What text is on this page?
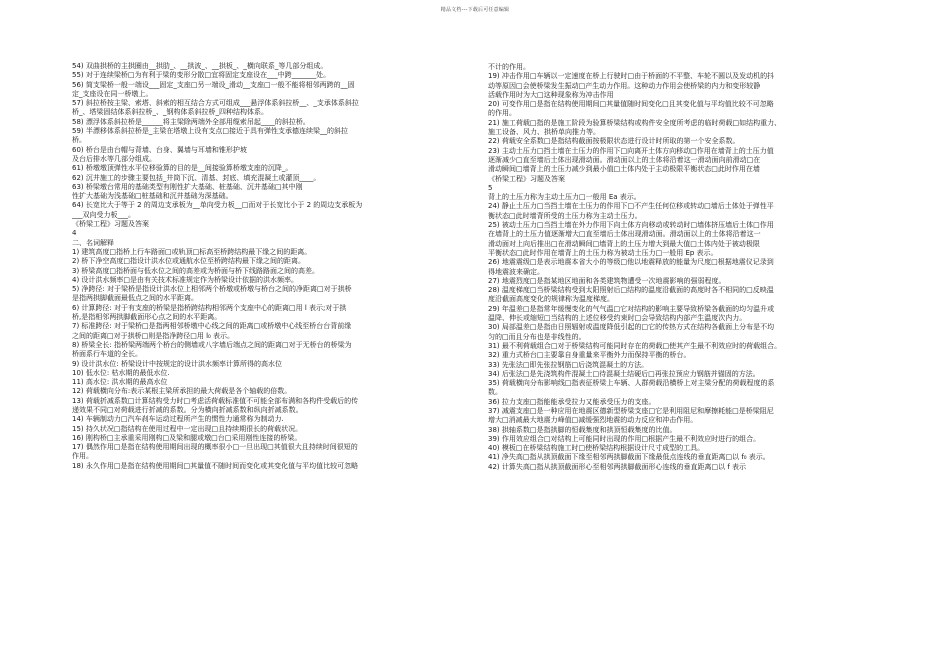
精品文档---下载后可任意编辑
54) 双曲拱桥的主拱圈由__拱肋_、__拱波_、__拱板_、_横向联系_等几部分组成。
55) 对于连续梁桥□为有利于梁的变形分散□宜将固定支座设在___中跨_______处。
56) 简支梁桥一般一端设___固定_支座□另一端设_滑动__支座□一般不能将相邻两跨的__固
定_支座设在同一桥墩上。
57) 斜拉桥按主梁、索塔、斜索的相互结合方式可组成___悬浮体系斜拉桥__、_支承体系斜拉
桥_、塔梁固结体系斜拉桥_、_钢构体系斜拉桥_四种结构体系。
58) 漂浮体系斜拉桥是______将主梁除两端外全部用缆索吊起____的斜拉桥。
59) 半漂移体系斜拉桥是_主梁在塔墩上设有支点□接近于具有弹性支承德连续梁__的斜拉
桥。
60) 桥台是由台帽与背墙、台身、翼墙与耳墙和锥形护坡
及台后排水等几部分组成。
61) 桥墩墩顶弹性水平位移验算的目的是__间接验算桥墩支座的沉降_。
62) 沉井施工的步骤主要包括_井筒下沉、清基、封底、填充混凝土或灌顶____。
63) 桥梁墩台常用的基础类型有刚性扩大基础、桩基础、沉井基础□其中刚
性扩大基础为浅基础□桩基础和沉井基础为深基础。
64) 长宽比大于等于 2 的周边支承板为__单向受力板__□而对于长宽比小于 2 的周边支承板为
___双向受力板___。
《桥梁工程》习题及答案
4
二、名词解释
1) 建筑高度□指桥上行车路面□或轨顶□标高至桥跨结构最下缘之间的距离。
2) 桥下净空高度□指设计洪水位或通航水位至桥跨结构最下缘之间的距离。
3) 桥梁高度□指桥面与低水位之间的高差或为桥面与桥下线路路面之间的高差。
4) 设计洪水频率□是由有关技术标准规定作为桥梁设计依据的洪水频率。
5) 净跨径: 对于梁桥是指设计洪水位上相邻两个桥墩或桥墩与桥台之间的净距离□对于拱桥
是指两拱脚截面最低点之间的水平距离。
6) 计算跨径: 对于有支座的桥梁是指桥跨结构相邻两个支座中心的距离□用 l 表示;对于拱
桥,是指相邻两拱脚截面形心点之间的水平距离。
7) 标准跨径: 对于梁桥□是指两相邻桥墩中心线之间的距离□或桥墩中心线至桥台台背前缘
之间的距离□对于拱桥□则是指净跨径□用 l₀ 表示。
8) 桥梁全长: 指桥梁两端两个桥台的侧墙或八字墙后端点之间的距离□对于无桥台的桥梁为
桥面系行车道的全长。
9) 设计洪水位: 桥梁设计中按规定的设计洪水频率计算所得的高水位
10) 低水位: 枯水期的最低水位.
11) 高水位: 洪水期的最高水位
12) 荷载横向分布:表示某根主梁所承担的最大荷载是各个轴载的倍数。
13) 荷载折减系数□计算结构受力时□考虑活荷载标准值不可能全部布满和各构件受载后的传
递效果不同□对荷载进行折减的系数。分为横向折减系数和纵向折减系数。
14) 车辆制动力□汽车刹车运动过程所产生的惯性力通常称为制动力.
15) 持久状况□指结构在使用过程中一定出现□且持续期很长的荷载状况。
16) 刚构桥□主承重采用刚构□及梁和腿或墩□台□采用刚性连接的桥梁。
17) 偶然作用□是指在结构使用期间出现的概率很小□一旦出现□其值很大且持续时间很短的
作用。
18) 永久作用□是指在结构使用期间□其量值不随时间而变化或其变化值与平均值比较可忽略
不计的作用。
19) 冲击作用□车辆以一定速度在桥上行驶时□由于桥面的不平整、车轮不圆以及发动机的抖
动等原因□会使桥梁发生振动□产生动力作用。这种动力作用会使桥梁的内力和变形较静
活载作用时为大□这种现象称为冲击作用
20) 可变作用□是指在结构使用期间□其量值随时间变化□且其变化值与平均值比较不可忽略
的作用。
21) 施工荷载□指的是施工阶段为验算桥梁结构或构件安全度所考虑的临时荷载□如结构重力、
施工设备、风力、拱桥单向推力等。
22) 荷载安全系数□是指结构截面按极限状态进行设计时所取的第一个安全系数。
23) 主动土压力□挡土墙在土压力的作用下□向离开土体方向移动□作用在墙背上的土压力值
逐渐减少□直至墙后土体出现滑动面。滑动面以上的土体将沿着这一滑动面向前滑动□在
滑动瞬间□墙背上的土压力减少到最小值□土体内处于主动极限平衡状态□此时作用在墙
《桥梁工程》习题及答案
5
背上的土压力称为主动土压力□一般用 Ea 表示。
24) 静止土压力□当挡土墙在土压力的作用下□不产生任何位移或转动□墙后土体处于弹性平
衡状态□此时墙背所受的土压力称为主动土压力。
25) 被动土压力□当挡土墙在外力作用下向土体方向移动或转动时□墙体挤压墙后土体□作用
在墙背上的土压力值逐渐增大□直至墙后土体出现滑动面。滑动面以上的土体将沿着这一
滑动面对上向后推出□在滑动瞬间□墙背上的土压力增大到最大值□土体内处于被动极限
平衡状态□此时作用在墙背上的土压力称为被动土压力□一般用 Ep 表示。
26) 地震震级□是表示地震本省大小的等级□他以地震释放的能量为尺度□根据地震仪记录到
得地震波来确定。
27) 地震烈度□是指某地区地面和各类建筑物遭受一次地震影响的强弱程度。
28) 温度梯度□当桥梁结构受到太阳照射后□结构的温度沿截面的高度时各不相同的□反映温
度沿截面高度变化的规律称为温度梯度。
29) 年温差□是指常年缓慢变化的气气温□它对结构的影响主要导致桥梁各截面的均匀温升或
温降、伸长或缩短□当结构的上述位移受约束时□会导致结构内部产生温度次内力。
30) 局部温差□是指由日照辐射或温度降低引起的□它的传热方式在结构各截面上分布是不均
匀的□而且分布也是非线性的。
31) 最不利荷载组合□对于桥梁结构可能同时存在的荷载□使其产生最不利效应时的荷载组合。
32) 重力式桥台□主要靠自身重量来平衡外力而保持平衡的桥台。
33) 先张法□即先张拉钢筋□后浇筑混凝土的方法。
34) 后张法□是先浇筑构件混凝土□待混凝土结硬后□再张拉预应力钢筋并锚固的方法。
35) 荷载横向分布影响线□指表征桥梁上车辆、人群荷载沿横桥上对主梁分配的荷载程度的系
数。
36) 拉力支座□指能能承受拉力又能承受压力的支座。
37) 减震支座□是一种应用在地震区德新型桥梁支座□它是利用阻尼和摩擦耗能□是桥梁阻尼
增大□消减最大地震力峰值□减缓强烈地震的动力反应和冲击作用。
38) 拱轴系数□是指拱脚的恒载集度和拱顶恒载集度的比值。
39) 作用效应组合□对结构上可能同时出现的作用□根据产生最不利效应时进行的组合。
40) 模板□在桥梁结构施工时□使桥梁结构根据设计尺寸成型的工具。
41) 净失高□指从拱顶截面下缘至相邻两拱脚截面下缘最低点连线的垂直距离□以 f₀ 表示。
42) 计算失高□指从拱顶截面形心至相邻两拱脚截面形心连线的垂直距离□以 f 表示
